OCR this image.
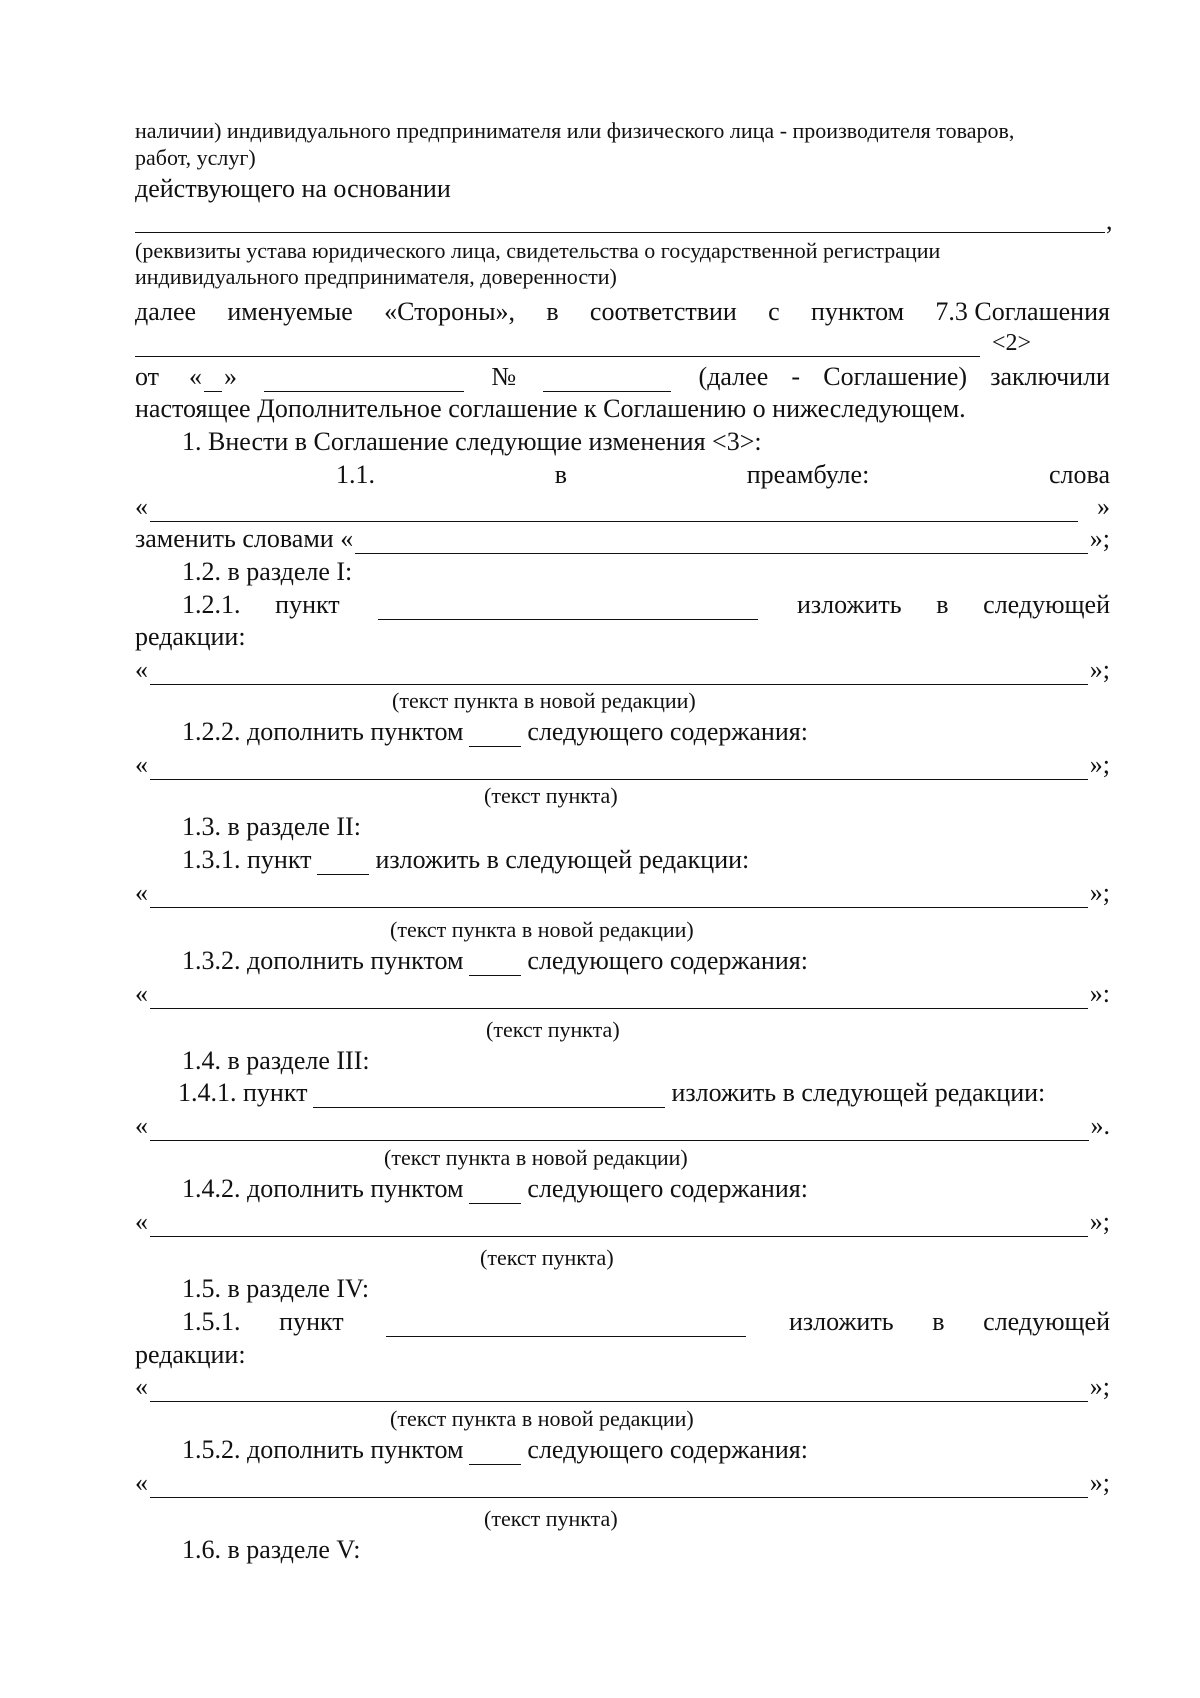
наличии) индивидуального предпринимателя или физического лица - производителя товаров,
работ, услуг)
действующего на основании
,
(реквизиты устава юридического лица, свидетельства о государственной регистрации
индивидуального предпринимателя, доверенности)
далее именуемые «Стороны», в соответствии с пунктом 7.3 Соглашения
<2>
от « »	№	(далее - Соглашение) заключили
настоящее Дополнительное соглашение к Соглашению о нижеследующем.
1. Внести в Соглашение следующие изменения <3>:
1.1.	в	преамбуле:	слова
«	»
заменить словами «	»;
1.2. в разделе I:
1.2.1. пункт	изложить в следующей
редакции:
«	»;
(текст пункта в новой редакции)
1.2.2. дополнить пунктом следующего содержания:
«	»;
(текст пункта)
1.3. в разделе II:
1.3.1. пункт изложить в следующей редакции:
«	»;
(текст пункта в новой редакции)
1.3.2. дополнить пунктом следующего содержания:
«	»:
(текст пункта)
1.4. в разделе III:
1.4.1. пункт	изложить в следующей редакции:
«	».
(текст пункта в новой редакции)
1.4.2. дополнить пунктом следующего содержания:
«	»;
(текст пункта)
1.5. в разделе IV:
1.5.1. пункт	изложить в следующей
редакции:
«	»;
(текст пункта в новой редакции)
1.5.2. дополнить пунктом следующего содержания:
«	»;
(текст пункта)
1.6. в разделе V:
